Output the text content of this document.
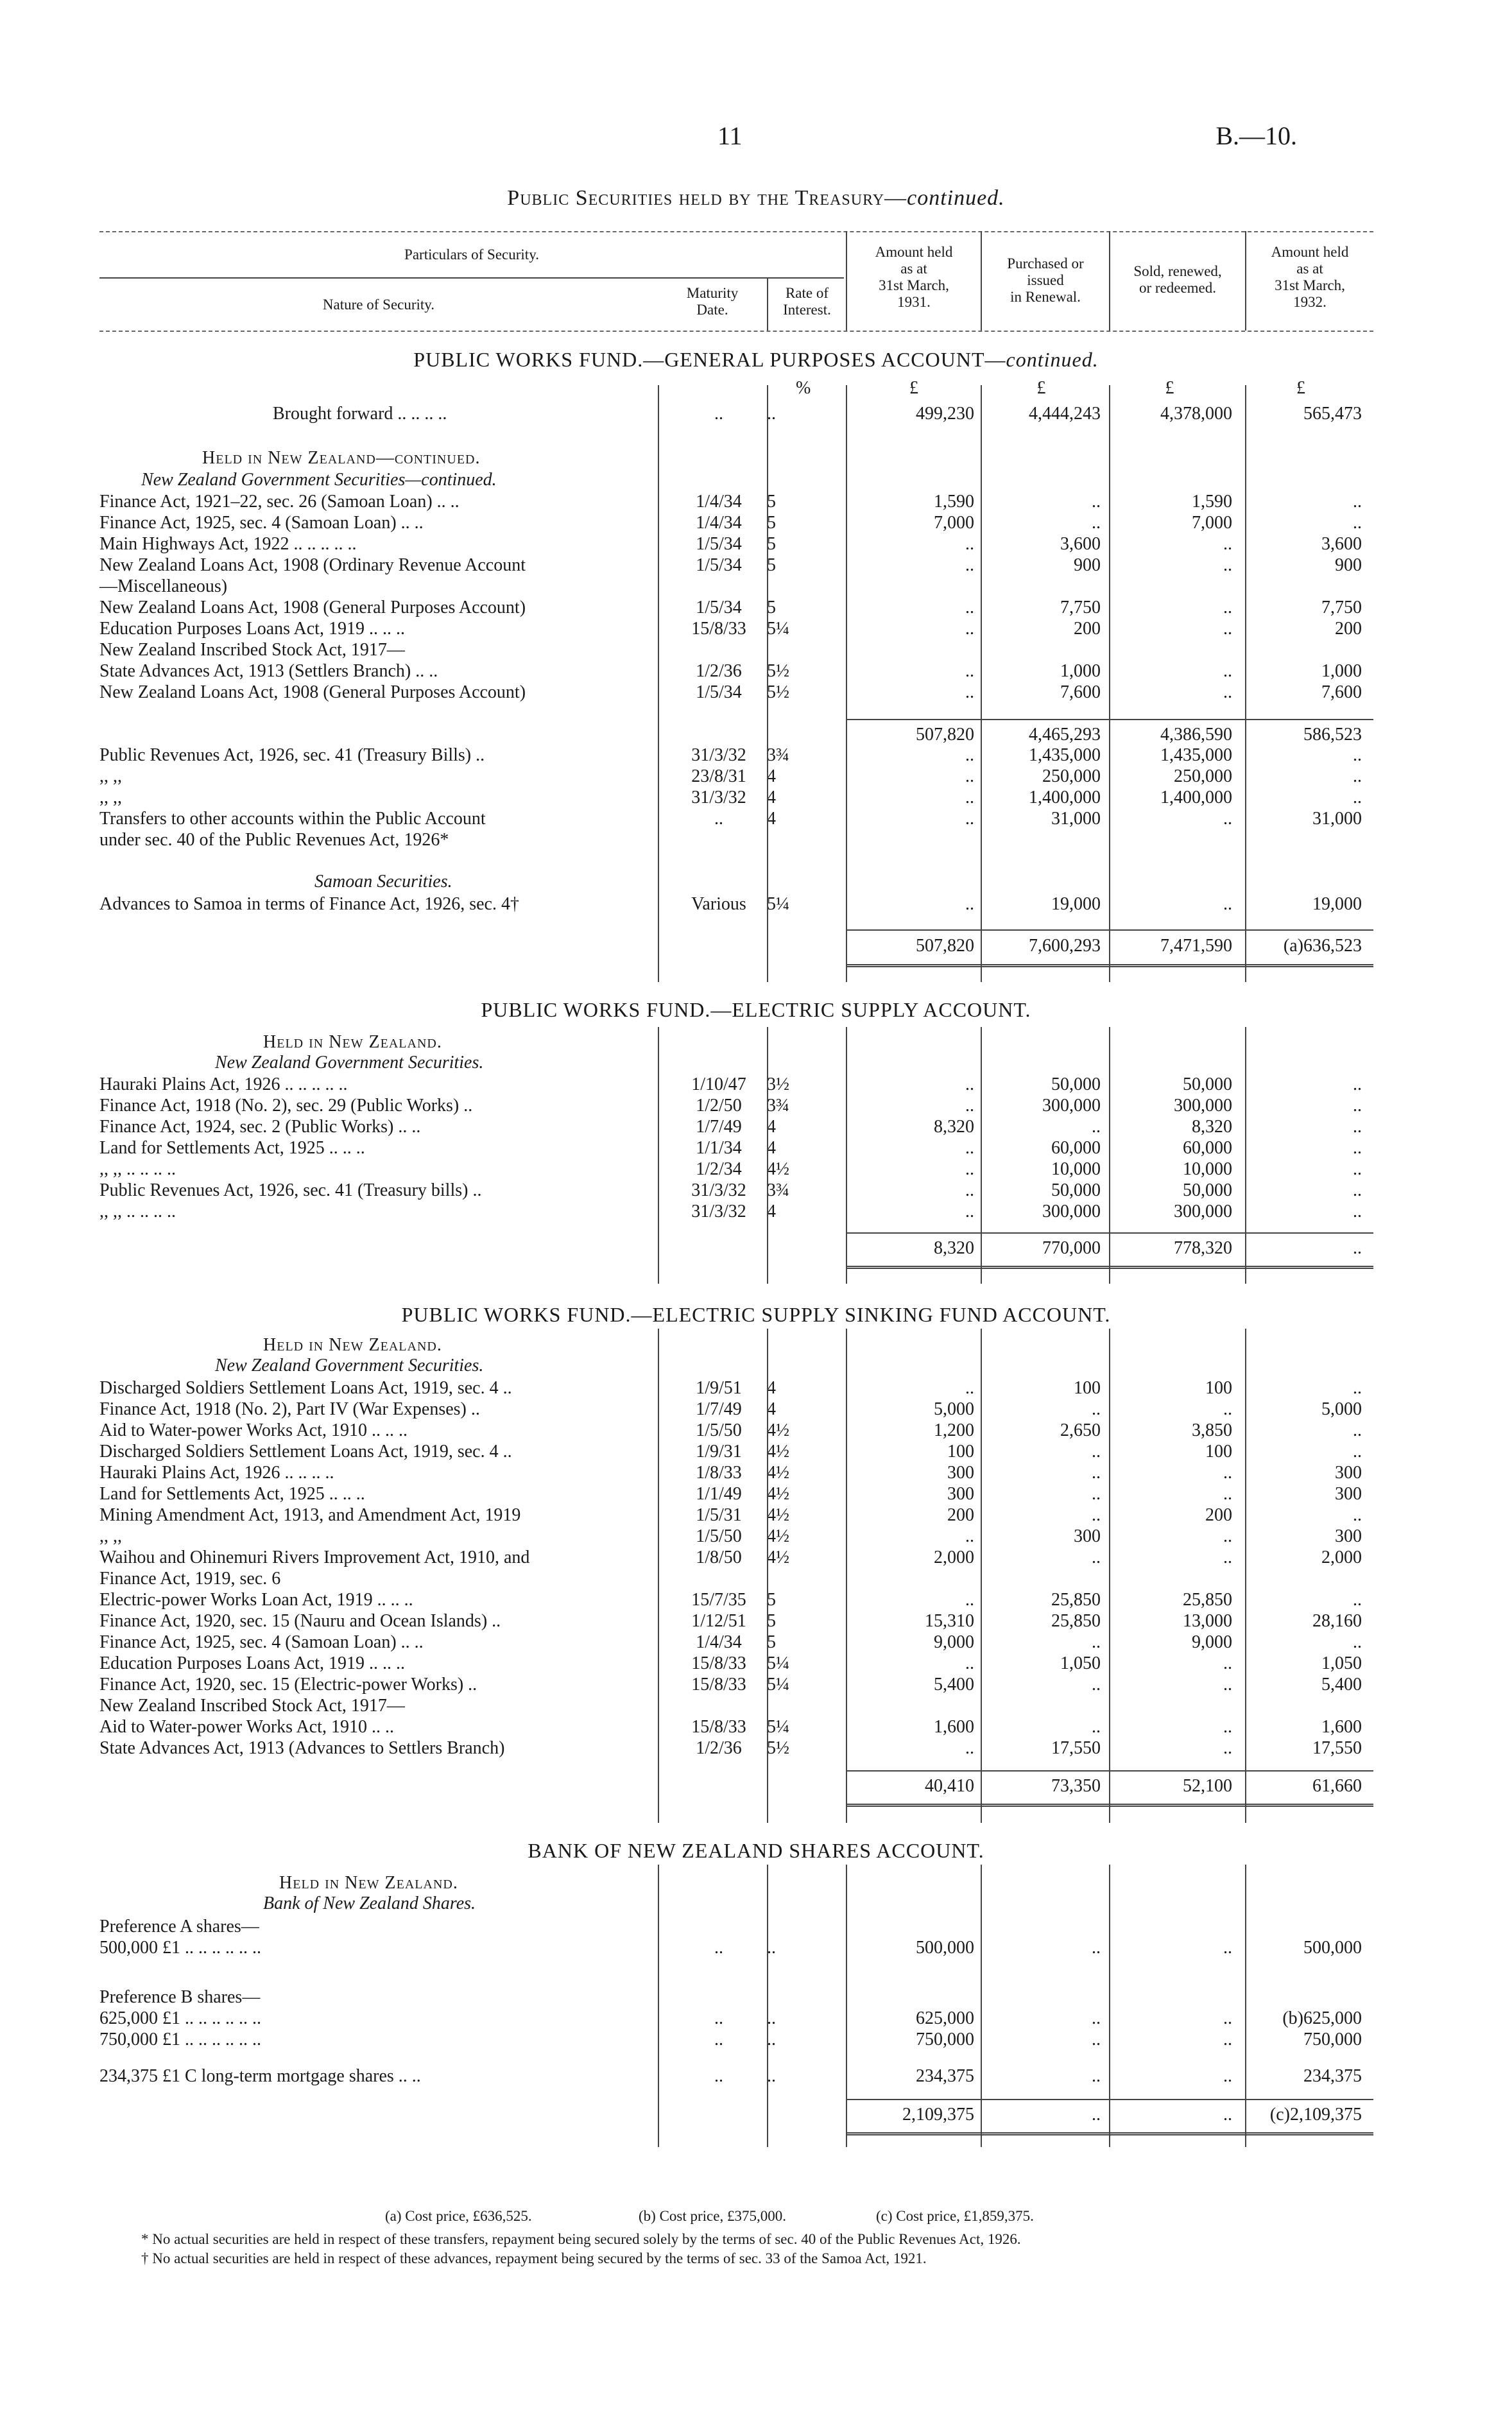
11	B.—10.
Public Securities held by the Treasury—continued.
Particulars of Security.
Nature of Security.
Maturity
Date.
Rate of
Interest.
Amount held
as at
31st March,
1931.
Purchased or
issued
in Renewal.
Sold, renewed,
or redeemed.
Amount held
as at
31st March,
1932.
PUBLIC WORKS FUND.—GENERAL PURPOSES ACCOUNT—continued.
%	£	£	£	£
Brought forward .. .. .. ..	..	..	499,230	4,444,243	4,378,000	565,473
Held in New Zealand—continued.
New Zealand Government Securities—continued.
Finance Act, 1921–22, sec. 26 (Samoan Loan) .. ..	1/4/34	5	1,590	..	1,590	..
Finance Act, 1925, sec. 4 (Samoan Loan) .. ..	1/4/34	5	7,000	..	7,000	..
Main Highways Act, 1922 .. .. .. .. ..	1/5/34	5	..	3,600	..	3,600
New Zealand Loans Act, 1908 (Ordinary Revenue Account	1/5/34	5	..	900	..	900
—Miscellaneous)
New Zealand Loans Act, 1908 (General Purposes Account)	1/5/34	5	..	7,750	..	7,750
Education Purposes Loans Act, 1919 .. .. ..	15/8/33	5¼	..	200	..	200
New Zealand Inscribed Stock Act, 1917—
State Advances Act, 1913 (Settlers Branch) .. ..	1/2/36	5½	..	1,000	..	1,000
New Zealand Loans Act, 1908 (General Purposes Account)	1/5/34	5½	..	7,600	..	7,600
507,820	4,465,293	4,386,590	586,523
Public Revenues Act, 1926, sec. 41 (Treasury Bills) ..	31/3/32	3¾	..	1,435,000	1,435,000	..
,, ,,	23/8/31	4	..	250,000	250,000	..
,, ,,	31/3/32	4	..	1,400,000	1,400,000	..
Transfers to other accounts within the Public Account	..	4	..	31,000	..	31,000
under sec. 40 of the Public Revenues Act, 1926*
Samoan Securities.
Advances to Samoa in terms of Finance Act, 1926, sec. 4†	Various	5¼	..	19,000	..	19,000
507,820	7,600,293	7,471,590	(a)636,523
PUBLIC WORKS FUND.—ELECTRIC SUPPLY ACCOUNT.
Held in New Zealand.
New Zealand Government Securities.
Hauraki Plains Act, 1926 .. .. .. .. ..	1/10/47	3½	..	50,000	50,000	..
Finance Act, 1918 (No. 2), sec. 29 (Public Works) ..	1/2/50	3¾	..	300,000	300,000	..
Finance Act, 1924, sec. 2 (Public Works) .. ..	1/7/49	4	8,320	..	8,320	..
Land for Settlements Act, 1925 .. .. ..	1/1/34	4	..	60,000	60,000	..
,, ,, .. .. .. ..	1/2/34	4½	..	10,000	10,000	..
Public Revenues Act, 1926, sec. 41 (Treasury bills) ..	31/3/32	3¾	..	50,000	50,000	..
,, ,, .. .. .. ..	31/3/32	4	..	300,000	300,000	..
8,320	770,000	778,320	..
PUBLIC WORKS FUND.—ELECTRIC SUPPLY SINKING FUND ACCOUNT.
Held in New Zealand.
New Zealand Government Securities.
Discharged Soldiers Settlement Loans Act, 1919, sec. 4 ..	1/9/51	4	..	100	100	..
Finance Act, 1918 (No. 2), Part IV (War Expenses) ..	1/7/49	4	5,000	..	..	5,000
Aid to Water-power Works Act, 1910 .. .. ..	1/5/50	4½	1,200	2,650	3,850	..
Discharged Soldiers Settlement Loans Act, 1919, sec. 4 ..	1/9/31	4½	100	..	100	..
Hauraki Plains Act, 1926 .. .. .. ..	1/8/33	4½	300	..	..	300
Land for Settlements Act, 1925 .. .. ..	1/1/49	4½	300	..	..	300
Mining Amendment Act, 1913, and Amendment Act, 1919	1/5/31	4½	200	..	200	..
,, ,,	1/5/50	4½	..	300	..	300
Waihou and Ohinemuri Rivers Improvement Act, 1910, and	1/8/50	4½	2,000	..	..	2,000
Finance Act, 1919, sec. 6
Electric-power Works Loan Act, 1919 .. .. ..	15/7/35	5	..	25,850	25,850	..
Finance Act, 1920, sec. 15 (Nauru and Ocean Islands) ..	1/12/51	5	15,310	25,850	13,000	28,160
Finance Act, 1925, sec. 4 (Samoan Loan) .. ..	1/4/34	5	9,000	..	9,000	..
Education Purposes Loans Act, 1919 .. .. ..	15/8/33	5¼	..	1,050	..	1,050
Finance Act, 1920, sec. 15 (Electric-power Works) ..	15/8/33	5¼	5,400	..	..	5,400
New Zealand Inscribed Stock Act, 1917—
Aid to Water-power Works Act, 1910 .. ..	15/8/33	5¼	1,600	..	..	1,600
State Advances Act, 1913 (Advances to Settlers Branch)	1/2/36	5½	..	17,550	..	17,550
40,410	73,350	52,100	61,660
BANK OF NEW ZEALAND SHARES ACCOUNT.
Held in New Zealand.
Bank of New Zealand Shares.
Preference A shares—
500,000 £1 .. .. .. .. .. ..	..	..	500,000	..	..	500,000
Preference B shares—
625,000 £1 .. .. .. .. .. ..	..	..	625,000	..	..	(b)625,000
750,000 £1 .. .. .. .. .. ..	..	..	750,000	..	..	750,000
234,375 £1 C long-term mortgage shares .. ..	..	..	234,375	..	..	234,375
2,109,375	..	..	(c)2,109,375
(a) Cost price, £636,525.	(b) Cost price, £375,000.	(c) Cost price, £1,859,375.
* No actual securities are held in respect of these transfers, repayment being secured solely by the terms of sec. 40 of the Public Revenues Act, 1926.
† No actual securities are held in respect of these advances, repayment being secured by the terms of sec. 33 of the Samoa Act, 1921.
